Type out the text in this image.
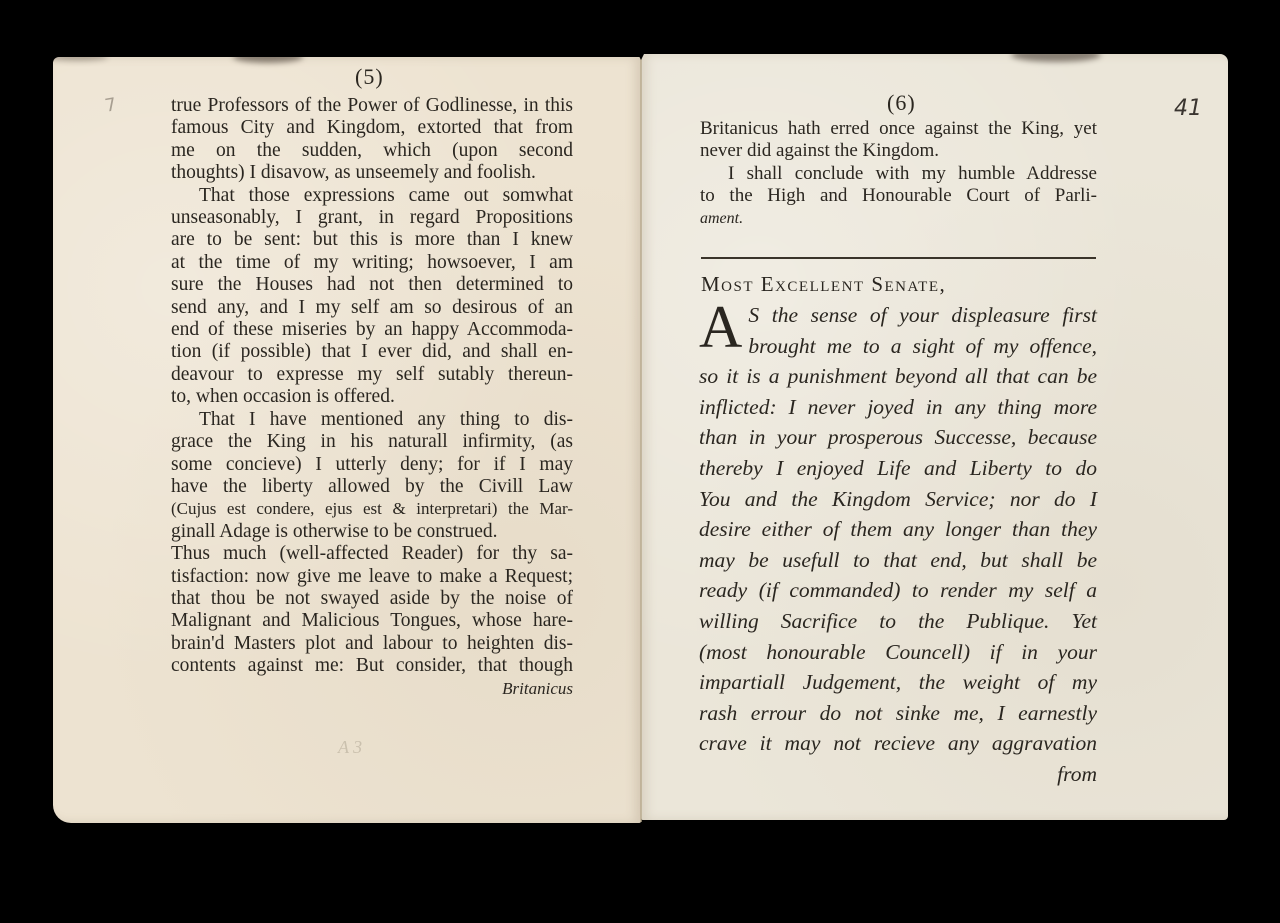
7
(5)
true Professors of the Power of Godlinesse, in this
famous City and Kingdom, extorted that from
me on the sudden, which (upon second
thoughts) I disavow, as unseemely and foolish.
That those expressions came out somwhat
unseasonably, I grant, in regard Propositions
are to be sent: but this is more than I knew
at the time of my writing; howsoever, I am
sure the Houses had not then determined to
send any, and I my self am so desirous of an
end of these miseries by an happy Accommoda-
tion (if possible) that I ever did, and shall en-
deavour to expresse my self sutably thereun-
to, when occasion is offered.
That I have mentioned any thing to dis-
grace the King in his naturall infirmity, (as
some concieve) I utterly deny; for if I may
have the liberty allowed by the Civill Law
(Cujus est condere, ejus est & interpretari) the Mar-
ginall Adage is otherwise to be construed.
Thus much (well-affected Reader) for thy sa-
tisfaction: now give me leave to make a Request;
that thou be not swayed aside by the noise of
Malignant and Malicious Tongues, whose hare-
brain'd Masters plot and labour to heighten dis-
contents against me: But consider, that though
Britanicus
A 3
41
(6)
Britanicus hath erred once against the King, yet
never did against the Kingdom.
I shall conclude with my humble Addresse
to the High and Honourable Court of Parli-
ament.
Most Excellent Senate,
A S the sense of your displeasure first
brought me to a sight of my offence,
so it is a punishment beyond all that can be
inflicted: I never joyed in any thing more
than in your prosperous Successe, because
thereby I enjoyed Life and Liberty to do
You and the Kingdom Service; nor do I
desire either of them any longer than they
may be usefull to that end, but shall be
ready (if commanded) to render my self a
willing Sacrifice to the Publique. Yet
(most honourable Councell) if in your
impartiall Judgement, the weight of my
rash errour do not sinke me, I earnestly
crave it may not recieve any aggravation
from
